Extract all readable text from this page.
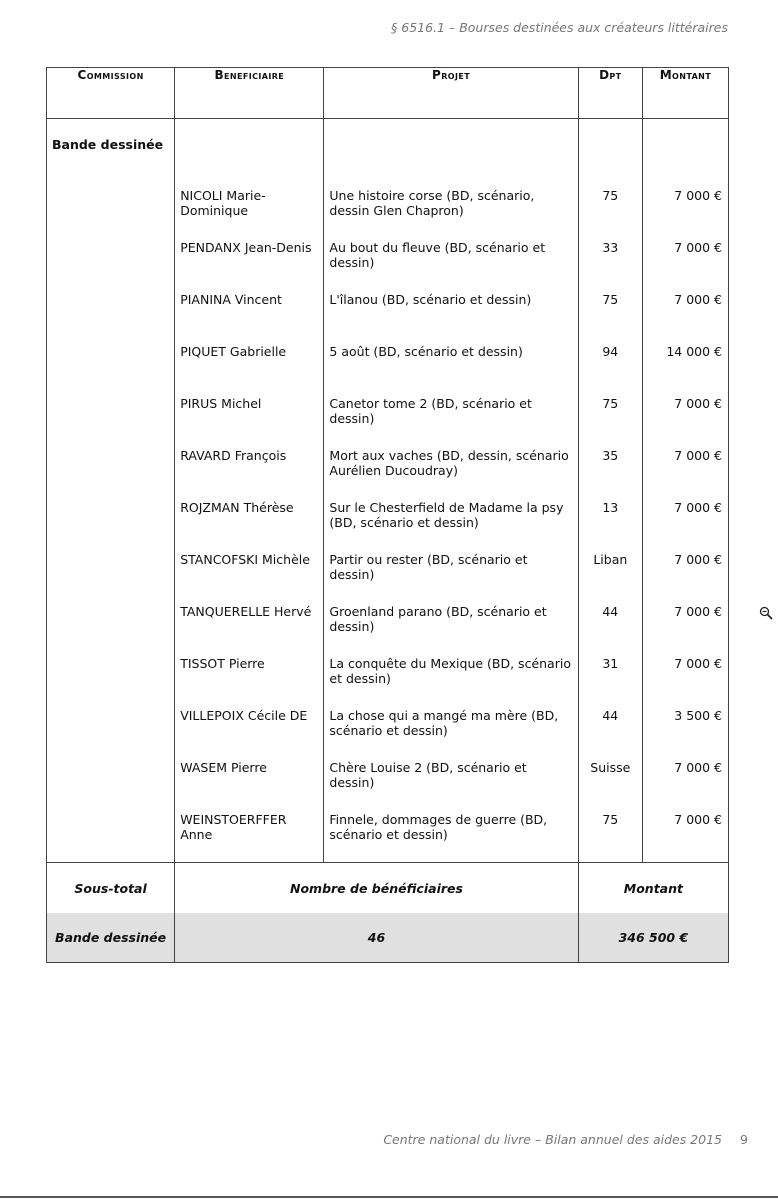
§ 6516.1 – Bourses destinées aux créateurs littéraires
Commission	Beneficiaire	Projet	Dpt	Montant
Bande dessinée				
	NICOLI Marie-Dominique	Une histoire corse (BD, scénario, dessin Glen Chapron)	75	7 000 €
	PENDANX Jean-Denis	Au bout du fleuve (BD, scénario et dessin)	33	7 000 €
	PIANINA Vincent	L'îlanou (BD, scénario et dessin)	75	7 000 €
	PIQUET Gabrielle	5 août (BD, scénario et dessin)	94	14 000 €
	PIRUS Michel	Canetor tome 2 (BD, scénario et dessin)	75	7 000 €
	RAVARD François	Mort aux vaches (BD, dessin, scénario Aurélien Ducoudray)	35	7 000 €
	ROJZMAN Thérèse	Sur le Chesterfield de Madame la psy (BD, scénario et dessin)	13	7 000 €
	STANCOFSKI Michèle	Partir ou rester (BD, scénario et dessin)	Liban	7 000 €
	TANQUERELLE Hervé	Groenland parano (BD, scénario et dessin)	44	7 000 €
	TISSOT Pierre	La conquête du Mexique (BD, scénario et dessin)	31	7 000 €
	VILLEPOIX Cécile DE	La chose qui a mangé ma mère (BD, scénario et dessin)	44	3 500 €
	WASEM Pierre	Chère Louise 2 (BD, scénario et dessin)	Suisse	7 000 €
	WEINSTOERFFER Anne	Finnele, dommages de guerre (BD, scénario et dessin)	75	7 000 €
Sous-total	Nombre de bénéficiaires		Montant	
Bande dessinée	46		346 500 €	
Centre national du livre – Bilan annuel des aides 2015 9
